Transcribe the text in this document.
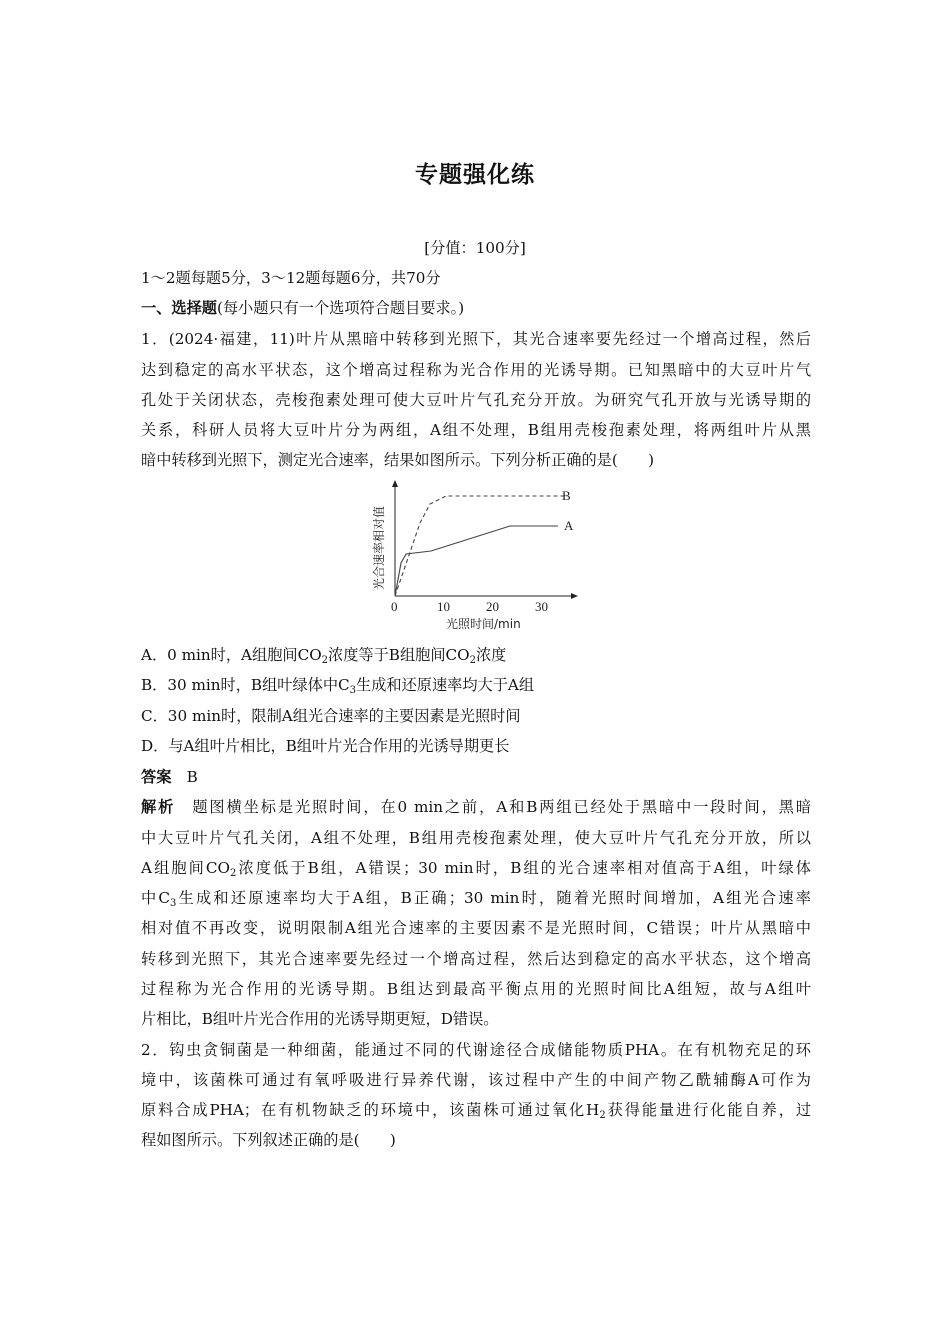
专题强化练
[分值：100分]
1～2题每题5分，3～12题每题6分，共70分
一、选择题(每小题只有一个选项符合题目要求。)
1．(2024·福建，11)叶片从黑暗中转移到光照下，其光合速率要先经过一个增高过程，然后
达到稳定的高水平状态，这个增高过程称为光合作用的光诱导期。已知黑暗中的大豆叶片气
孔处于关闭状态，壳梭孢素处理可使大豆叶片气孔充分开放。为研究气孔开放与光诱导期的
关系，科研人员将大豆叶片分为两组，A组不处理，B组用壳梭孢素处理，将两组叶片从黑
暗中转移到光照下，测定光合速率，结果如图所示。下列分析正确的是(　　)
B
A
0	10	20	30
光照时间/min
光合速率相对值
A．0 min时，A组胞间$CO_2$浓度等于B组胞间$CO_2$浓度
B．30 min时，B组叶绿体中$C_3$生成和还原速率均大于A组
C．30 min时，限制A组光合速率的主要因素是光照时间
D．与A组叶片相比，B组叶片光合作用的光诱导期更长
答案　 B
解析　 题图横坐标是光照时间，在0 min之前，A和B两组已经处于黑暗中一段时间，黑暗
中大豆叶片气孔关闭，A组不处理，B组用壳梭孢素处理，使大豆叶片气孔充分开放，所以
A组胞间$CO_2$浓度低于B组，A错误；30 min时，B组的光合速率相对值高于A组，叶绿体
中$C_3$生成和还原速率均大于A组，B正确；30 min时，随着光照时间增加，A组光合速率
相对值不再改变，说明限制A组光合速率的主要因素不是光照时间，C错误；叶片从黑暗中
转移到光照下，其光合速率要先经过一个增高过程，然后达到稳定的高水平状态，这个增高
过程称为光合作用的光诱导期。B组达到最高平衡点用的光照时间比A组短，故与A组叶
片相比，B组叶片光合作用的光诱导期更短，D错误。
2．钩虫贪铜菌是一种细菌，能通过不同的代谢途径合成储能物质PHA。在有机物充足的环
境中，该菌株可通过有氧呼吸进行异养代谢，该过程中产生的中间产物乙酰辅酶A可作为
原料合成PHA；在有机物缺乏的环境中，该菌株可通过氧化$H_2$获得能量进行化能自养，过
程如图所示。下列叙述正确的是(　　)
